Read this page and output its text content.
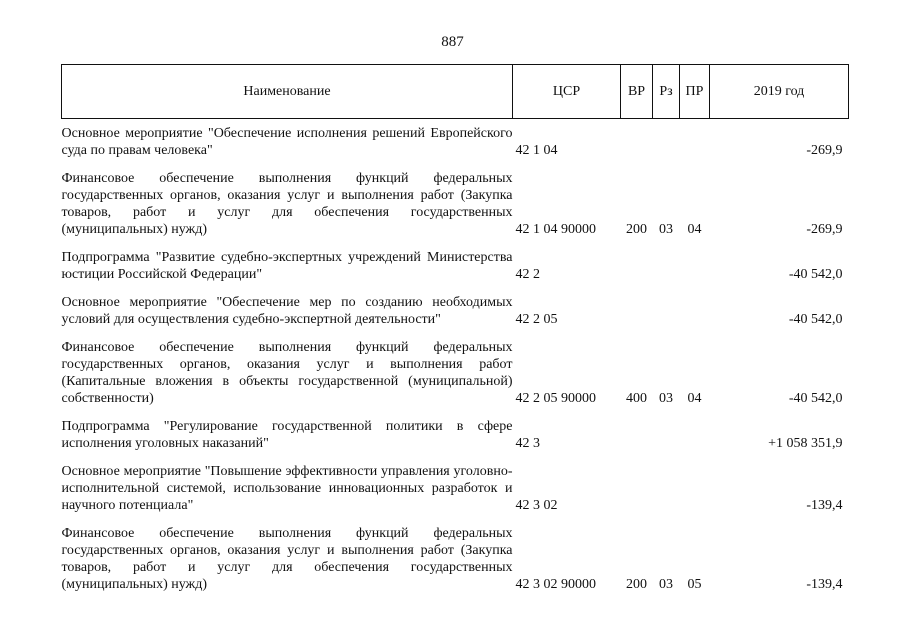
887
Наименование	ЦСР	ВР	Рз	ПР	2019 год
Основное мероприятие "Обеспечение исполнения решений Европейского суда по правам человека"	42 1 04				-269,9
Финансовое обеспечение выполнения функций федеральных государственных органов, оказания услуг и выполнения работ (Закупка товаров, работ и услуг для обеспечения государственных (муниципальных) нужд)	42 1 04 90000	200	03	04	-269,9
Подпрограмма "Развитие судебно-экспертных учреждений Министерства юстиции Российской Федерации"	42 2				-40 542,0
Основное мероприятие "Обеспечение мер по созданию необходимых условий для осуществления судебно-экспертной деятельности"	42 2 05				-40 542,0
Финансовое обеспечение выполнения функций федеральных государственных органов, оказания услуг и выполнения работ (Капитальные вложения в объекты государственной (муниципальной) собственности)	42 2 05 90000	400	03	04	-40 542,0
Подпрограмма "Регулирование государственной политики в сфере исполнения уголовных наказаний"	42 3				+1 058 351,9
Основное мероприятие "Повышение эффективности управления уголовно-исполнительной системой, использование инновационных разработок и научного потенциала"	42 3 02				-139,4
Финансовое обеспечение выполнения функций федеральных государственных органов, оказания услуг и выполнения работ (Закупка товаров, работ и услуг для обеспечения государственных (муниципальных) нужд)	42 3 02 90000	200	03	05	-139,4
